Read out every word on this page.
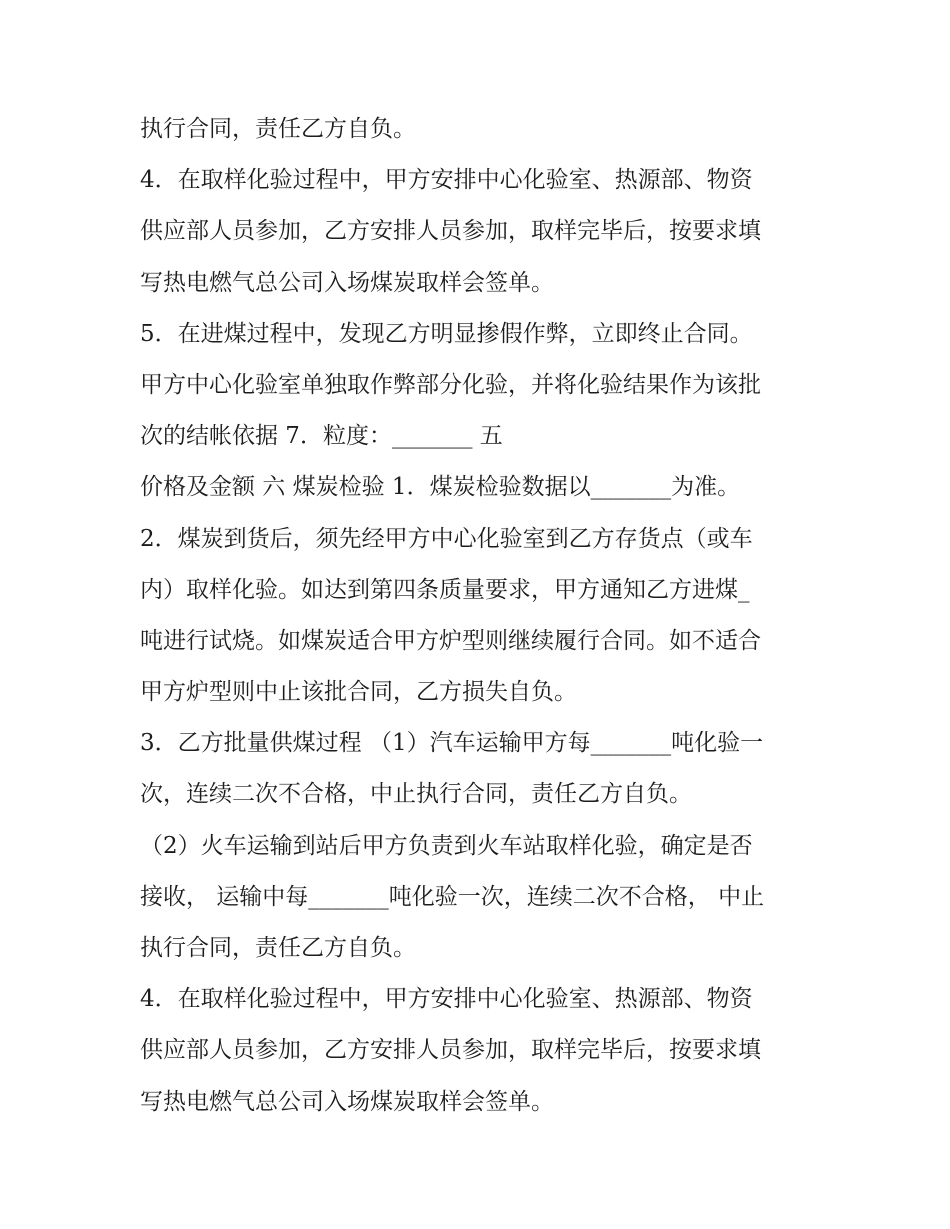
执行合同，责任乙方自负。
4．在取样化验过程中，甲方安排中心化验室、热源部、物资
供应部人员参加，乙方安排人员参加，取样完毕后，按要求填
写热电燃气总公司入场煤炭取样会签单。
5．在进煤过程中，发现乙方明显掺假作弊，立即终止合同。
甲方中心化验室单独取作弊部分化验，并将化验结果作为该批
次的结帐依据 7．粒度：_______ 五
价格及金额 六 煤炭检验 1．煤炭检验数据以_______为准。
2．煤炭到货后，须先经甲方中心化验室到乙方存货点（或车
内）取样化验。如达到第四条质量要求，甲方通知乙方进煤_
吨进行试烧。如煤炭适合甲方炉型则继续履行合同。如不适合
甲方炉型则中止该批合同，乙方损失自负。
3．乙方批量供煤过程 （1）汽车运输甲方每_______吨化验一
次，连续二次不合格，中止执行合同，责任乙方自负。
（2）火车运输到站后甲方负责到火车站取样化验，确定是否
接收， 运输中每_______吨化验一次，连续二次不合格， 中止
执行合同，责任乙方自负。
4．在取样化验过程中，甲方安排中心化验室、热源部、物资
供应部人员参加，乙方安排人员参加，取样完毕后，按要求填
写热电燃气总公司入场煤炭取样会签单。
